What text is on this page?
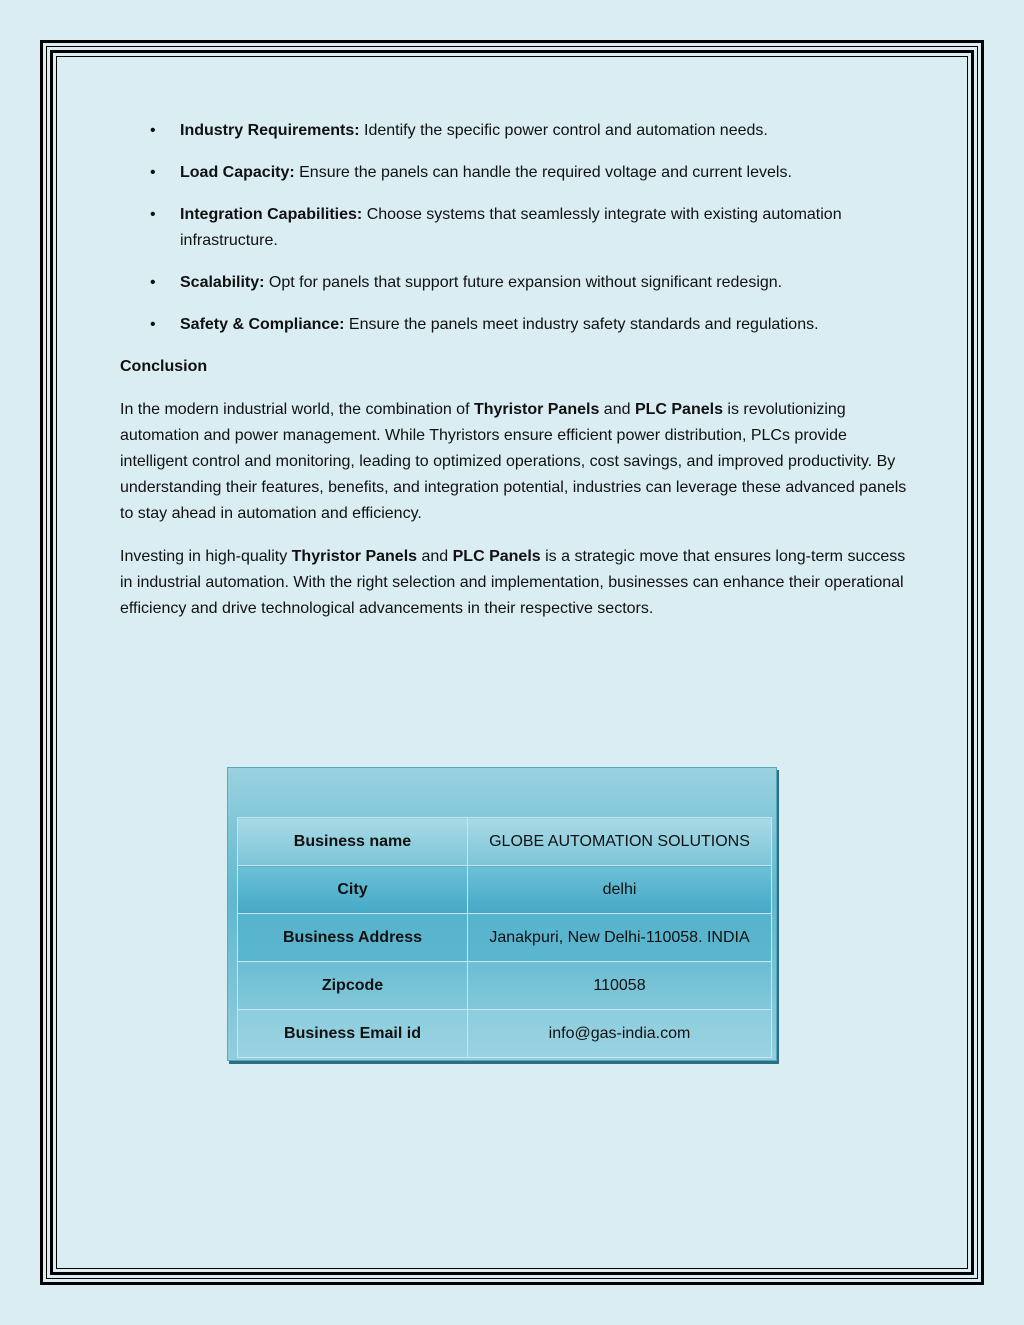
• Industry Requirements: Identify the specific power control and automation needs.
• Load Capacity: Ensure the panels can handle the required voltage and current levels.
• Integration Capabilities: Choose systems that seamlessly integrate with existing automation infrastructure.
• Scalability: Opt for panels that support future expansion without significant redesign.
• Safety & Compliance: Ensure the panels meet industry safety standards and regulations.
Conclusion

In the modern industrial world, the combination of Thyristor Panels and PLC Panels is revolutionizing automation and power management. While Thyristors ensure efficient power distribution, PLCs provide intelligent control and monitoring, leading to optimized operations, cost savings, and improved productivity. By understanding their features, benefits, and integration potential, industries can leverage these advanced panels to stay ahead in automation and efficiency.

Investing in high-quality Thyristor Panels and PLC Panels is a strategic move that ensures long-term success in industrial automation. With the right selection and implementation, businesses can enhance their operational efficiency and drive technological advancements in their respective sectors.

Business name	GLOBE AUTOMATION SOLUTIONS
City	delhi
Business Address	Janakpuri, New Delhi-110058. INDIA
Zipcode	110058
Business Email id	info@gas-india.com
